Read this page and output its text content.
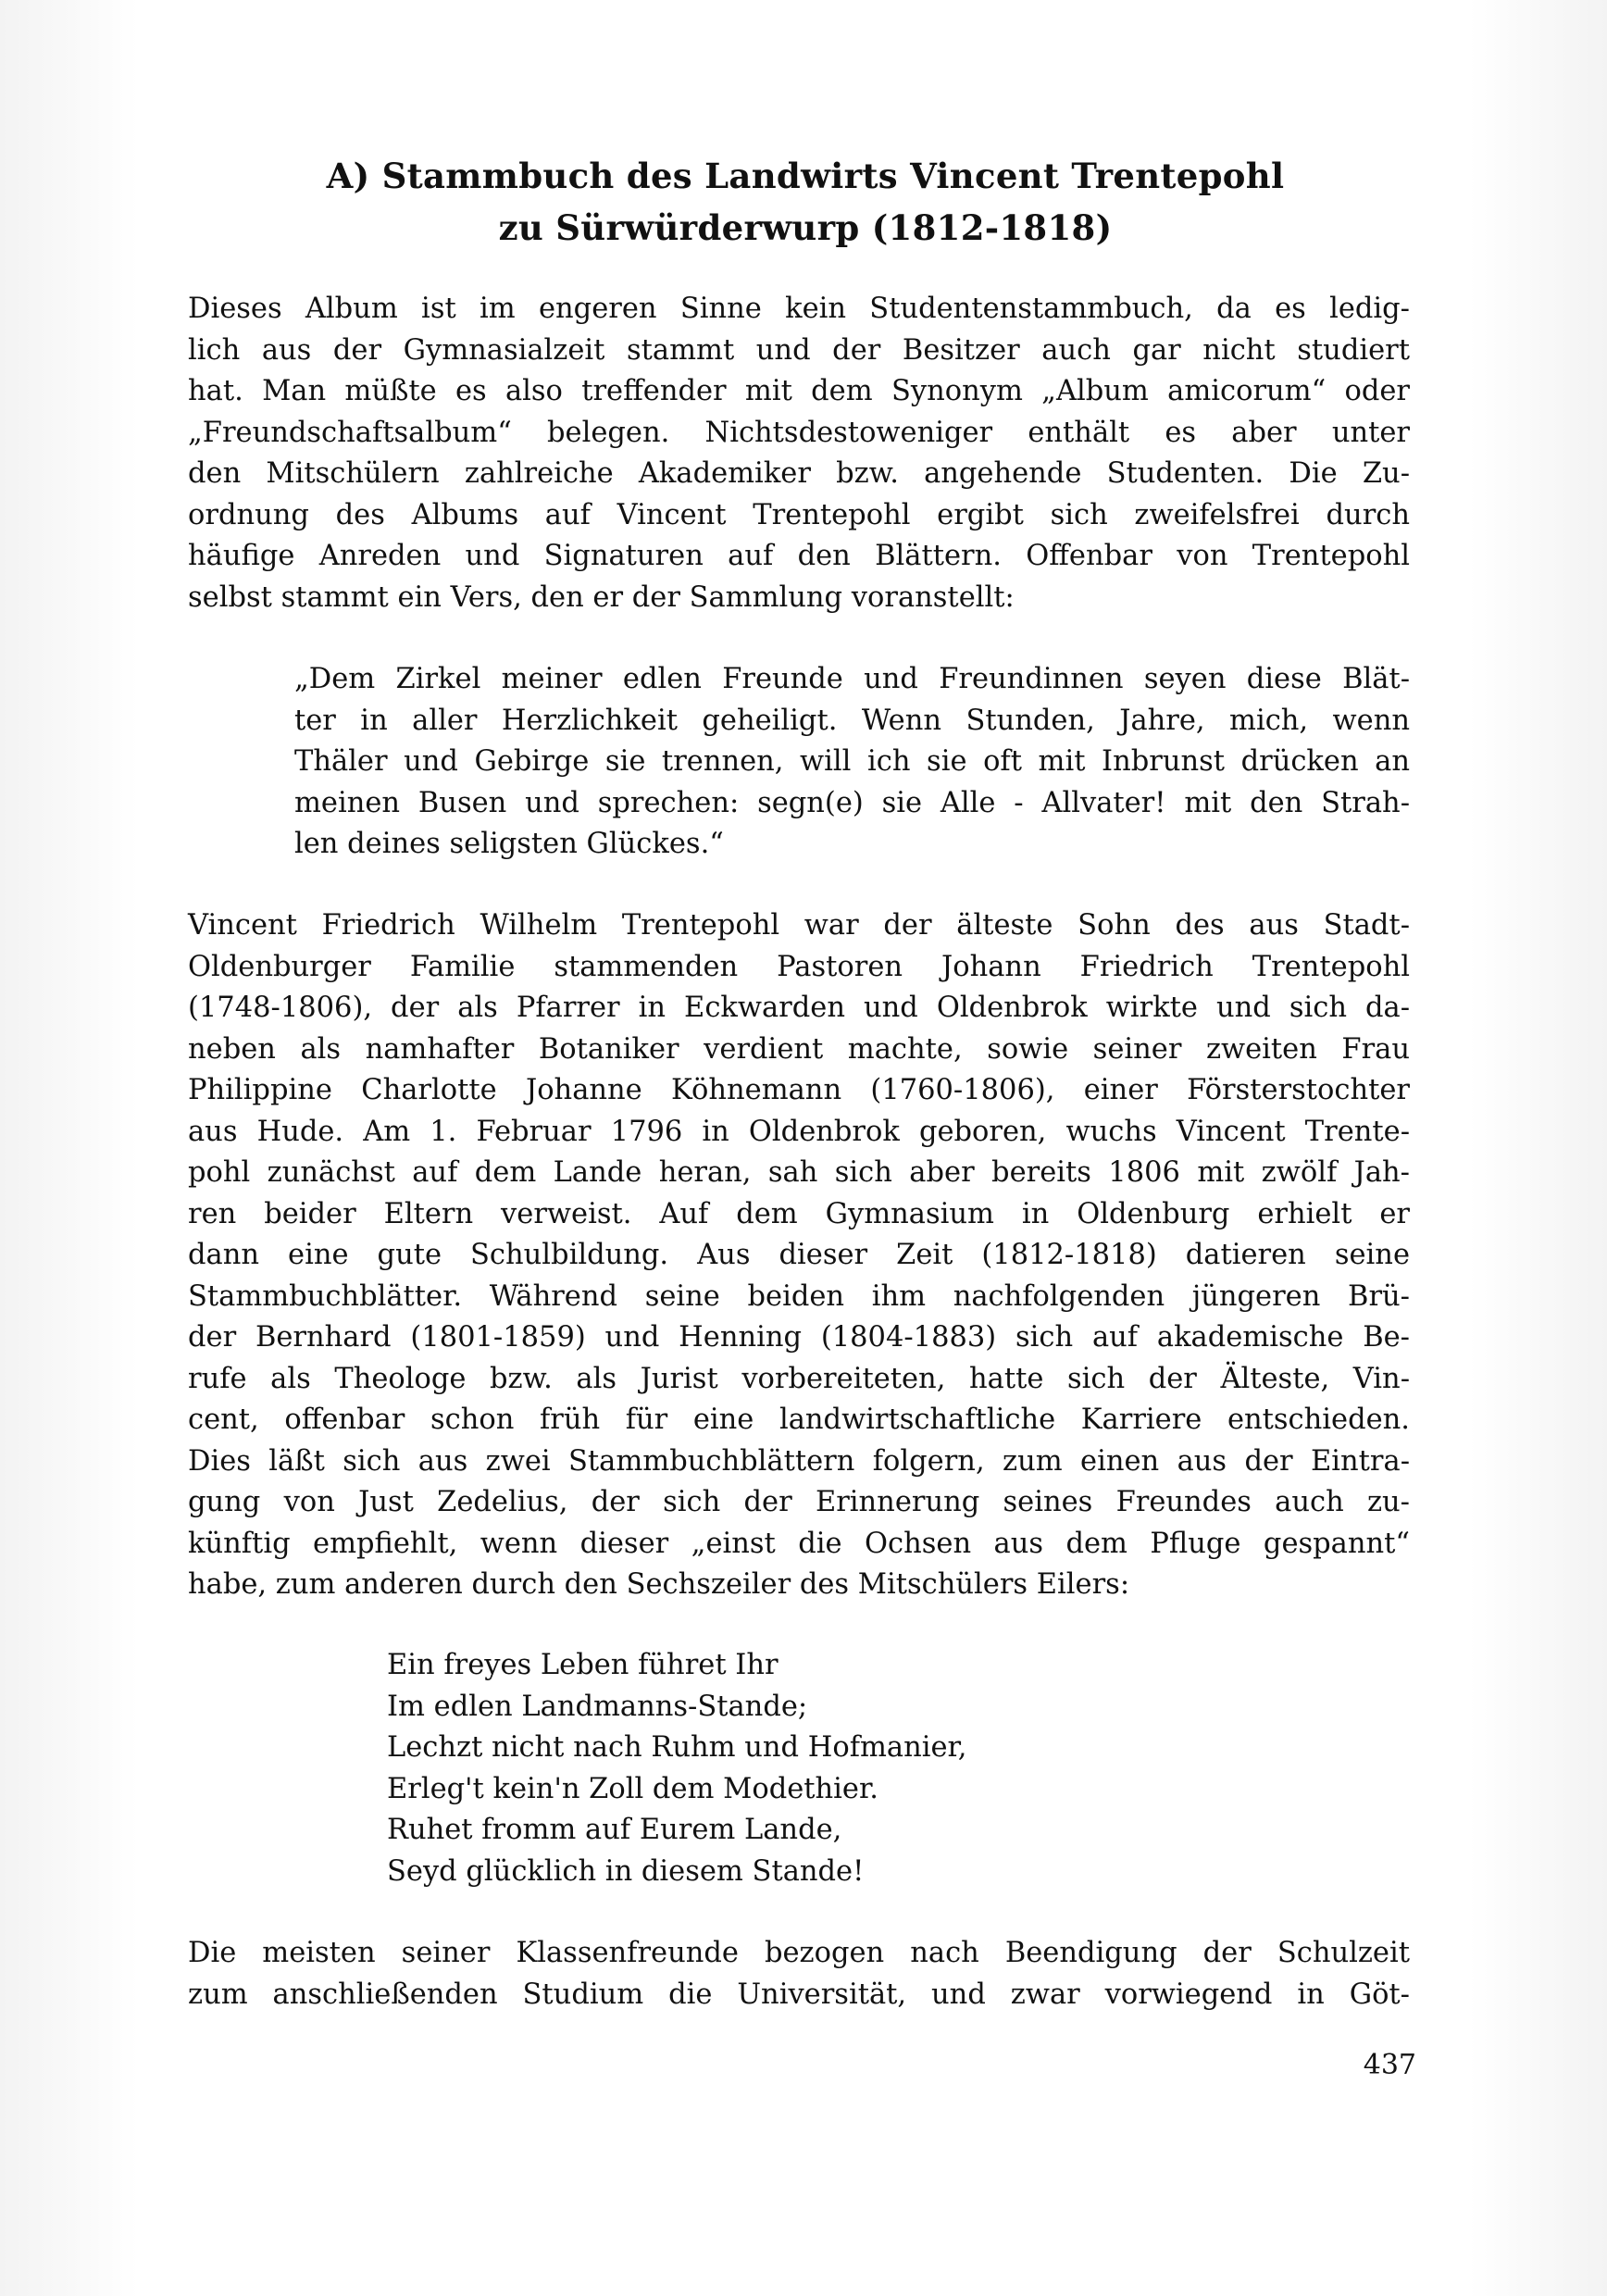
A) Stammbuch des Landwirts Vincent Trentepohl
zu Sürwürderwurp (1812-1818)
Dieses Album ist im engeren Sinne kein Studentenstammbuch, da es ledig-
lich aus der Gymnasialzeit stammt und der Besitzer auch gar nicht studiert
hat. Man müßte es also treffender mit dem Synonym „Album amicorum“ oder
„Freundschaftsalbum“ belegen. Nichtsdestoweniger enthält es aber unter
den Mitschülern zahlreiche Akademiker bzw. angehende Studenten. Die Zu-
ordnung des Albums auf Vincent Trentepohl ergibt sich zweifelsfrei durch
häufige Anreden und Signaturen auf den Blättern. Offenbar von Trentepohl
selbst stammt ein Vers, den er der Sammlung voranstellt:
„Dem Zirkel meiner edlen Freunde und Freundinnen seyen diese Blät-
ter in aller Herzlichkeit geheiligt. Wenn Stunden, Jahre, mich, wenn
Thäler und Gebirge sie trennen, will ich sie oft mit Inbrunst drücken an
meinen Busen und sprechen: segn(e) sie Alle - Allvater! mit den Strah-
len deines seligsten Glückes.“
Vincent Friedrich Wilhelm Trentepohl war der älteste Sohn des aus Stadt-
Oldenburger Familie stammenden Pastoren Johann Friedrich Trentepohl
(1748-1806), der als Pfarrer in Eckwarden und Oldenbrok wirkte und sich da-
neben als namhafter Botaniker verdient machte, sowie seiner zweiten Frau
Philippine Charlotte Johanne Köhnemann (1760-1806), einer Försterstochter
aus Hude. Am 1. Februar 1796 in Oldenbrok geboren, wuchs Vincent Trente-
pohl zunächst auf dem Lande heran, sah sich aber bereits 1806 mit zwölf Jah-
ren beider Eltern verweist. Auf dem Gymnasium in Oldenburg erhielt er
dann eine gute Schulbildung. Aus dieser Zeit (1812-1818) datieren seine
Stammbuchblätter. Während seine beiden ihm nachfolgenden jüngeren Brü-
der Bernhard (1801-1859) und Henning (1804-1883) sich auf akademische Be-
rufe als Theologe bzw. als Jurist vorbereiteten, hatte sich der Älteste, Vin-
cent, offenbar schon früh für eine landwirtschaftliche Karriere entschieden.
Dies läßt sich aus zwei Stammbuchblättern folgern, zum einen aus der Eintra-
gung von Just Zedelius, der sich der Erinnerung seines Freundes auch zu-
künftig empfiehlt, wenn dieser „einst die Ochsen aus dem Pfluge gespannt“
habe, zum anderen durch den Sechszeiler des Mitschülers Eilers:
Ein freyes Leben führet Ihr
Im edlen Landmanns-Stande;
Lechzt nicht nach Ruhm und Hofmanier,
Erleg't kein'n Zoll dem Modethier.
Ruhet fromm auf Eurem Lande,
Seyd glücklich in diesem Stande!
Die meisten seiner Klassenfreunde bezogen nach Beendigung der Schulzeit
zum anschließenden Studium die Universität, und zwar vorwiegend in Göt-
437
